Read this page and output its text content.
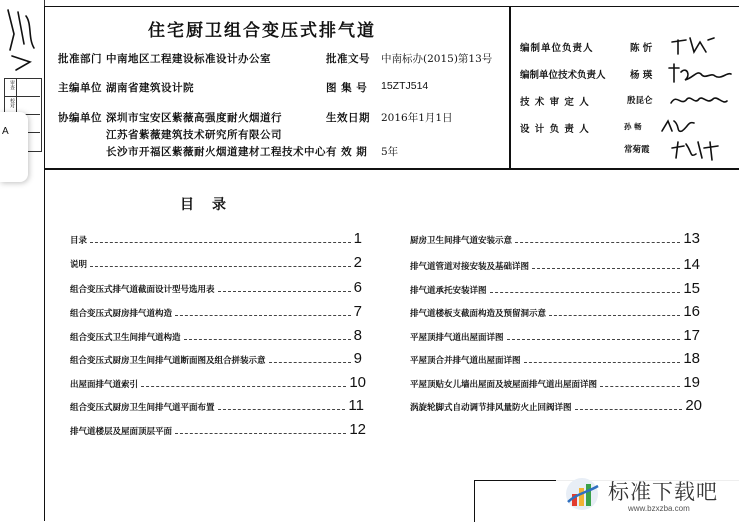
审查
校对
A
住宅厨卫组合变压式排气道
批准部门 中南地区工程建设标准设计办公室	批准文号 中南标办(2015)第13号
主编单位 湖南省建筑设计院	图 集 号 15ZTJ514
协编单位 深圳市宝安区紫薇高强度耐火烟道行
江苏省紫薇建筑技术研究所有限公司
长沙市开福区紫薇耐火烟道建材工程技术中心
生效日期 2016年1月1日
有 效 期 5年
编制单位负责人	陈 忻
编制单位技术负责人	杨 瑛
技 术 审 定 人	殷昆仑
设 计 负 责 人	孙 畅
常菊霞
目　录
目录	1
说明	2
组合变压式排气道截面设计型号选用表	6
组合变压式厨房排气道构造	7
组合变压式卫生间排气道构造	8
组合变压式厨房卫生间排气道断面图及组合拼装示意	9
出屋面排气道索引	10
组合变压式厨房卫生间排气道平面布置	11
排气道楼层及屋面顶层平面	12
厨房卫生间排气道安装示意	13
排气道管道对接安装及基础详图	14
排气道承托安装详图	15
排气道楼板支截面构造及预留洞示意	16
平屋顶排气道出屋面详图	17
平屋顶合并排气道出屋面详图	18
平屋顶贴女儿墙出屋面及坡屋面排气道出屋面详图	19
涡旋轮脚式自动调节排风量防火止回阀详图	20
标准下载吧
www.bzxzba.com
